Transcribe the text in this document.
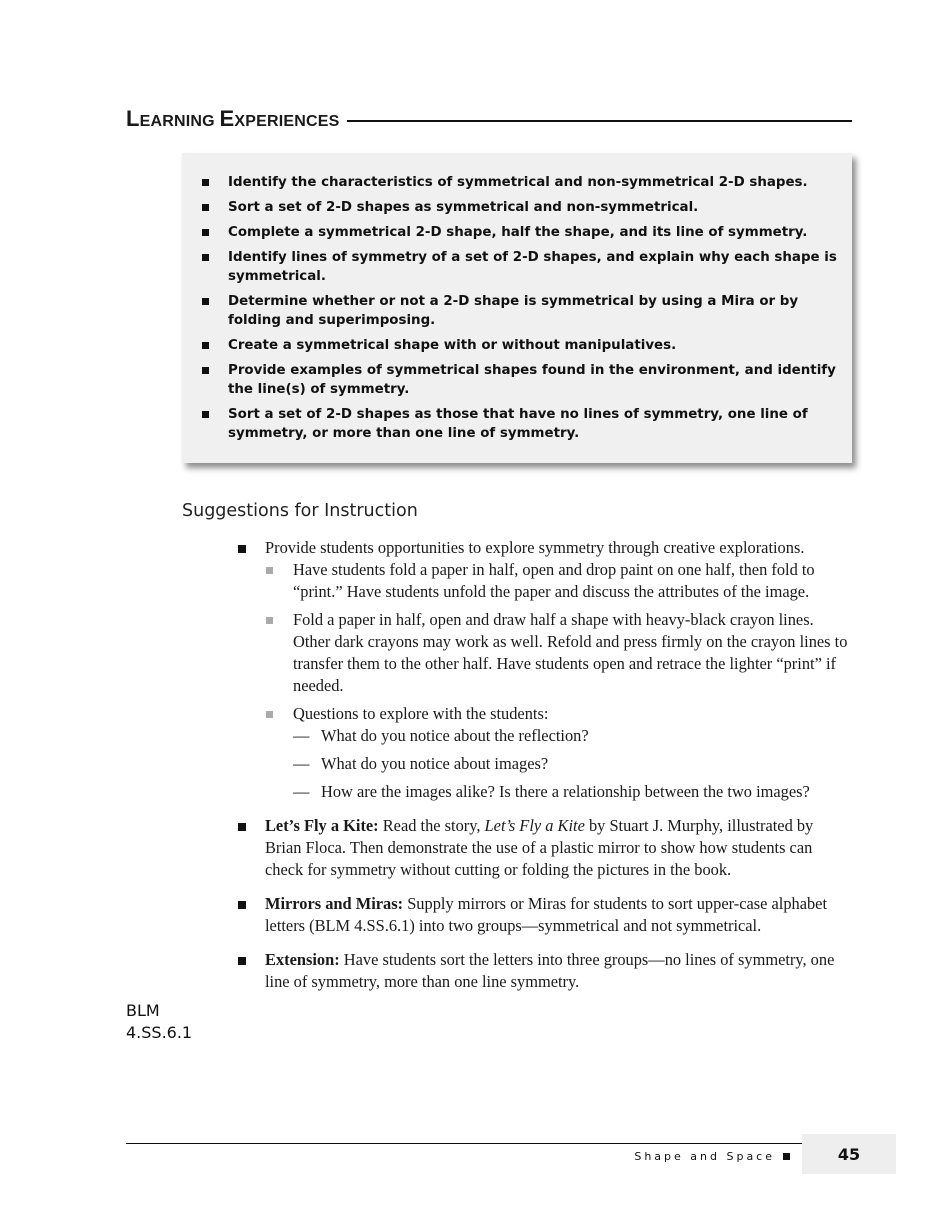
LEARNING EXPERIENCES
Identify the characteristics of symmetrical and non-symmetrical 2-D shapes.
Sort a set of 2-D shapes as symmetrical and non-symmetrical.
Complete a symmetrical 2-D shape, half the shape, and its line of symmetry.
Identify lines of symmetry of a set of 2-D shapes, and explain why each shape is symmetrical.
Determine whether or not a 2-D shape is symmetrical by using a Mira or by folding and superimposing.
Create a symmetrical shape with or without manipulatives.
Provide examples of symmetrical shapes found in the environment, and identify the line(s) of symmetry.
Sort a set of 2-D shapes as those that have no lines of symmetry, one line of symmetry, or more than one line of symmetry.
Suggestions for Instruction
Provide students opportunities to explore symmetry through creative explorations.
Have students fold a paper in half, open and drop paint on one half, then fold to “print.” Have students unfold the paper and discuss the attributes of the image.
Fold a paper in half, open and draw half a shape with heavy-black crayon lines. Other dark crayons may work as well. Refold and press firmly on the crayon lines to transfer them to the other half. Have students open and retrace the lighter “print” if needed.
Questions to explore with the students:
— What do you notice about the reflection?
— What do you notice about images?
— How are the images alike? Is there a relationship between the two images?
Let’s Fly a Kite: Read the story, Let’s Fly a Kite by Stuart J. Murphy, illustrated by Brian Floca. Then demonstrate the use of a plastic mirror to show how students can check for symmetry without cutting or folding the pictures in the book.
Mirrors and Miras: Supply mirrors or Miras for students to sort upper-case alphabet letters (BLM 4.SS.6.1) into two groups—symmetrical and not symmetrical.
Extension: Have students sort the letters into three groups—no lines of symmetry, one line of symmetry, more than one line symmetry.
BLM
4.SS.6.1
Shape and Space	45
